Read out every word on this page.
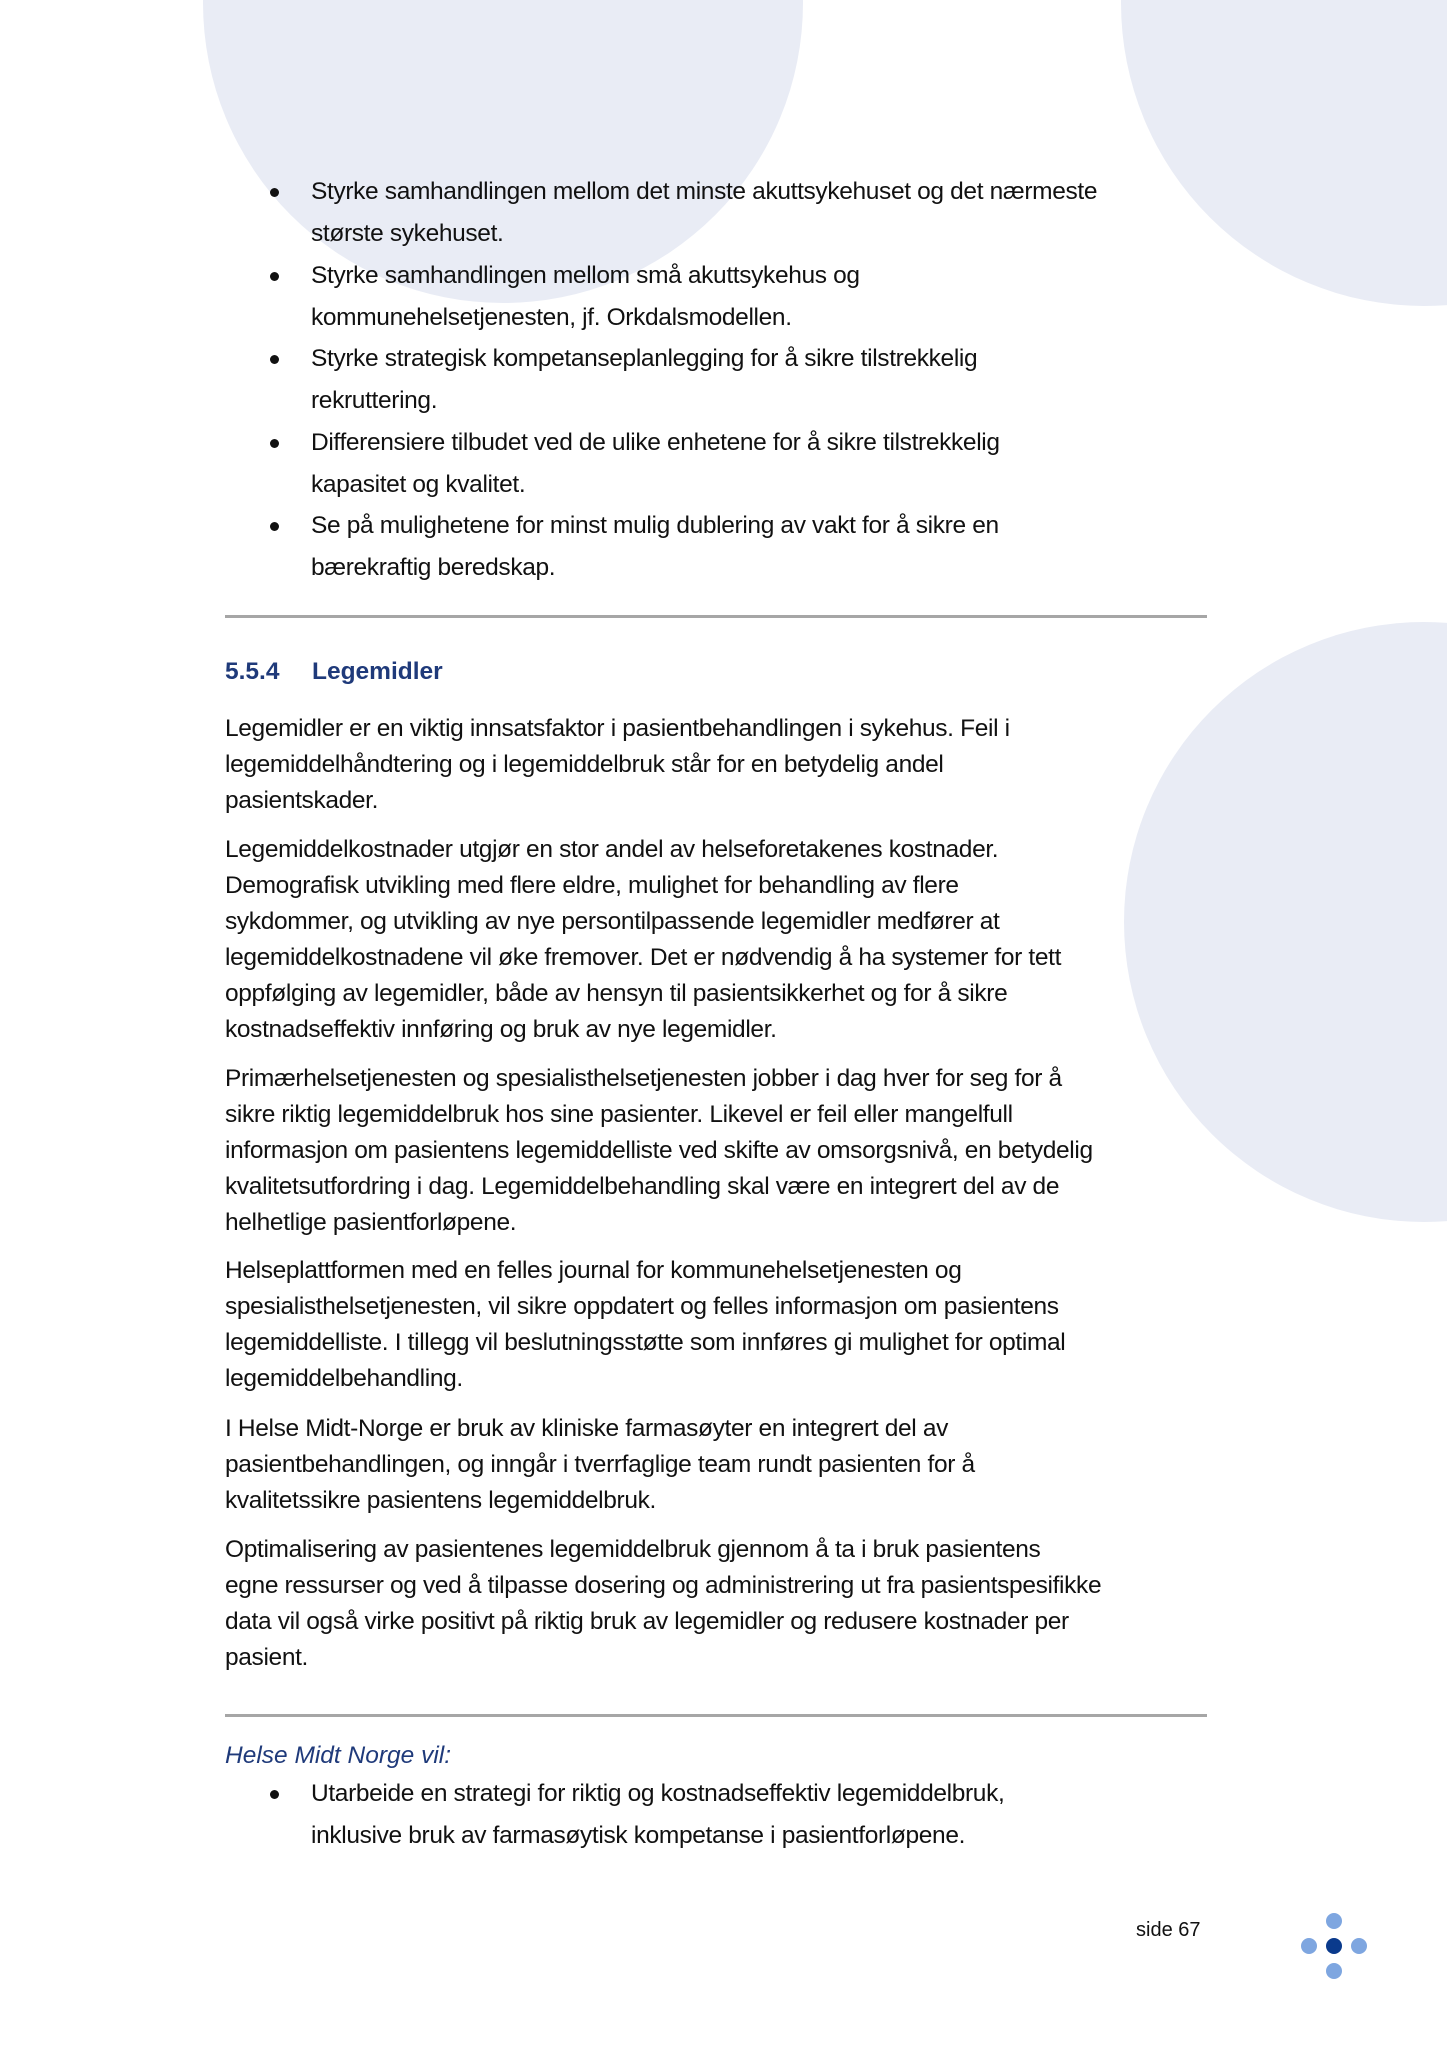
Styrke samhandlingen mellom det minste akuttsykehuset og det nærmeste
største sykehuset.
Styrke samhandlingen mellom små akuttsykehus og
kommunehelsetjenesten, jf. Orkdalsmodellen.
Styrke strategisk kompetanseplanlegging for å sikre tilstrekkelig
rekruttering.
Differensiere tilbudet ved de ulike enhetene for å sikre tilstrekkelig
kapasitet og kvalitet.
Se på mulighetene for minst mulig dublering av vakt for å sikre en
bærekraftig beredskap.
5.5.4 Legemidler
Legemidler er en viktig innsatsfaktor i pasientbehandlingen i sykehus. Feil i
legemiddelhåndtering og i legemiddelbruk står for en betydelig andel
pasientskader.
Legemiddelkostnader utgjør en stor andel av helseforetakenes kostnader.
Demografisk utvikling med flere eldre, mulighet for behandling av flere
sykdommer, og utvikling av nye persontilpassende legemidler medfører at
legemiddelkostnadene vil øke fremover. Det er nødvendig å ha systemer for tett
oppfølging av legemidler, både av hensyn til pasientsikkerhet og for å sikre
kostnadseffektiv innføring og bruk av nye legemidler.
Primærhelsetjenesten og spesialisthelsetjenesten jobber i dag hver for seg for å
sikre riktig legemiddelbruk hos sine pasienter. Likevel er feil eller mangelfull
informasjon om pasientens legemiddelliste ved skifte av omsorgsnivå, en betydelig
kvalitetsutfordring i dag. Legemiddelbehandling skal være en integrert del av de
helhetlige pasientforløpene.
Helseplattformen med en felles journal for kommunehelsetjenesten og
spesialisthelsetjenesten, vil sikre oppdatert og felles informasjon om pasientens
legemiddelliste. I tillegg vil beslutningsstøtte som innføres gi mulighet for optimal
legemiddelbehandling.
I Helse Midt-Norge er bruk av kliniske farmasøyter en integrert del av
pasientbehandlingen, og inngår i tverrfaglige team rundt pasienten for å
kvalitetssikre pasientens legemiddelbruk.
Optimalisering av pasientenes legemiddelbruk gjennom å ta i bruk pasientens
egne ressurser og ved å tilpasse dosering og administrering ut fra pasientspesifikke
data vil også virke positivt på riktig bruk av legemidler og redusere kostnader per
pasient.
Helse Midt Norge vil:
Utarbeide en strategi for riktig og kostnadseffektiv legemiddelbruk,
inklusive bruk av farmasøytisk kompetanse i pasientforløpene.
side 67
